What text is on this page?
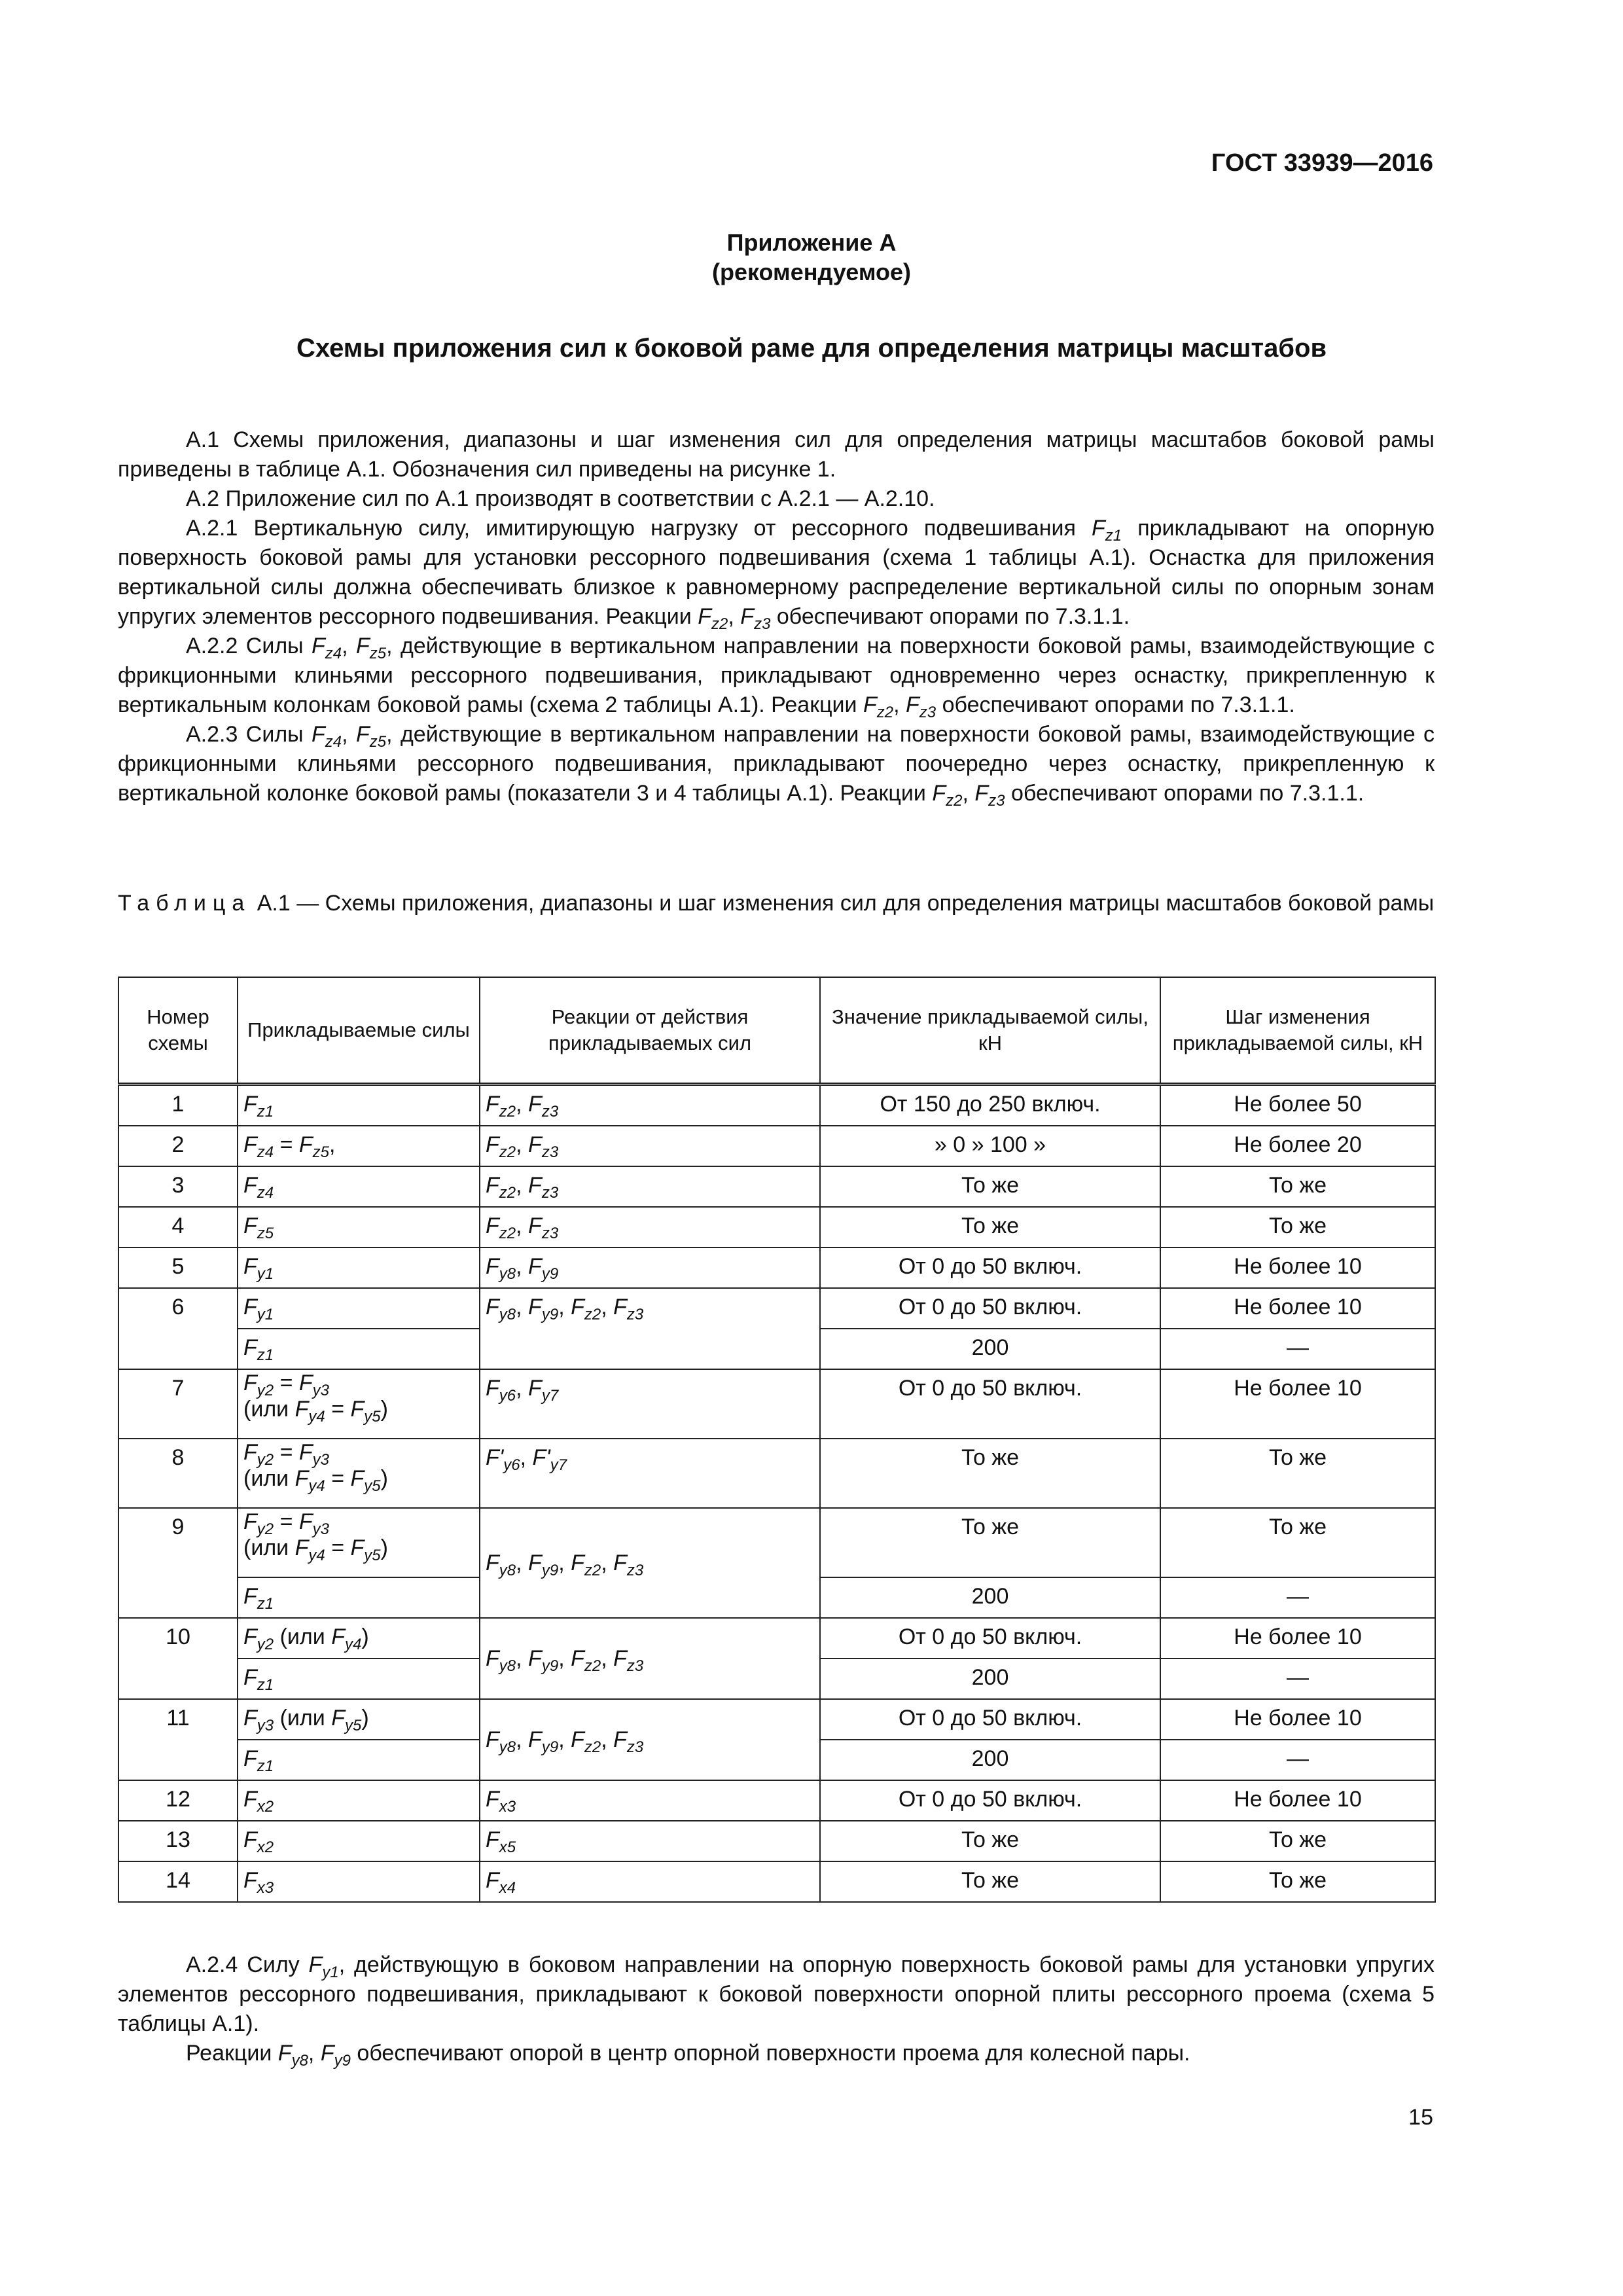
ГОСТ 33939—2016
Приложение А
(рекомендуемое)
Схемы приложения сил к боковой раме для определения матрицы масштабов

А.1 Схемы приложения, диапазоны и шаг изменения сил для определения матрицы масштабов боковой рамы приведены в таблице А.1. Обозначения сил приведены на рисунке 1.

А.2 Приложение сил по А.1 производят в соответствии с А.2.1 — А.2.10.

А.2.1 Вертикальную силу, имитирующую нагрузку от рессорного подвешивания $F_{z1}$ прикладывают на опорную поверхность боковой рамы для установки рессорного подвешивания (схема 1 таблицы А.1). Оснастка для приложения вертикальной силы должна обеспечивать близкое к равномерному распределение вертикальной силы по опорным зонам упругих элементов рессорного подвешивания. Реакции $F_{z2}$, $F_{z3}$ обеспечивают опорами по 7.3.1.1.

А.2.2 Силы $F_{z4}$, $F_{z5}$, действующие в вертикальном направлении на поверхности боковой рамы, взаимодействующие с фрикционными клиньями рессорного подвешивания, прикладывают одновременно через оснастку, прикрепленную к вертикальным колонкам боковой рамы (схема 2 таблицы А.1). Реакции $F_{z2}$, $F_{z3}$ обеспечивают опорами по 7.3.1.1.

А.2.3 Силы $F_{z4}$, $F_{z5}$, действующие в вертикальном направлении на поверхности боковой рамы, взаимодействующие с фрикционными клиньями рессорного подвешивания, прикладывают поочередно через оснастку, прикрепленную к вертикальной колонке боковой рамы (показатели 3 и 4 таблицы А.1). Реакции $F_{z2}$, $F_{z3}$ обеспечивают опорами по 7.3.1.1.

Таблица А.1 — Схемы приложения, диапазоны и шаг изменения сил для определения матрицы масштабов боковой рамы
Номер схемы	Прикладываемые силы	Реакции от действия прикладываемых сил	Значение прикладываемой силы, кН	Шаг изменения прикладываемой силы, кН
1	$F_{z1}$	$F_{z2}$, $F_{z3}$	От 150 до 250 включ.	Не более 50
2	$F_{z4} = F_{z5}$,	$F_{z2}$, $F_{z3}$	» 0 » 100 »	Не более 20
3	$F_{z4}$	$F_{z2}$, $F_{z3}$	То же	То же
4	$F_{z5}$	$F_{z2}$, $F_{z3}$	То же	То же
5	$F_{y1}$	$F_{y8}$, $F_{y9}$	От 0 до 50 включ.	Не более 10
6	$F_{y1}$	$F_{y8}$, $F_{y9}$, $F_{z2}$, $F_{z3}$	От 0 до 50 включ.	Не более 10
	$F_{z1}$		200	—
7	$F_{y2} = F_{y3}$
(или $F_{y4} = F_{y5}$)	$F_{y6}$, $F_{y7}$	От 0 до 50 включ.	Не более 10
8	$F_{y2} = F_{y3}$
(или $F_{y4} = F_{y5}$)	$F'_{y6}$, $F'_{y7}$	То же	То же
9	$F_{y2} = F_{y3}$
(или $F_{y4} = F_{y5}$)	$F_{y8}$, $F_{y9}$, $F_{z2}$, $F_{z3}$	То же	То же
	$F_{z1}$		200	—
10	$F_{y2}$ (или $F_{y4}$)	$F_{y8}$, $F_{y9}$, $F_{z2}$, $F_{z3}$	От 0 до 50 включ.	Не более 10
	$F_{z1}$		200	—
11	$F_{y3}$ (или $F_{y5}$)	$F_{y8}$, $F_{y9}$, $F_{z2}$, $F_{z3}$	От 0 до 50 включ.	Не более 10
	$F_{z1}$		200	—
12	$F_{x2}$	$F_{x3}$	От 0 до 50 включ.	Не более 10
13	$F_{x2}$	$F_{x5}$	То же	То же
14	$F_{x3}$	$F_{x4}$	То же	То же

А.2.4 Силу $F_{y1}$, действующую в боковом направлении на опорную поверхность боковой рамы для установки упругих элементов рессорного подвешивания, прикладывают к боковой поверхности опорной плиты рессорного проема (схема 5 таблицы А.1).

Реакции $F_{y8}$, $F_{y9}$ обеспечивают опорой в центр опорной поверхности проема для колесной пары.

15
